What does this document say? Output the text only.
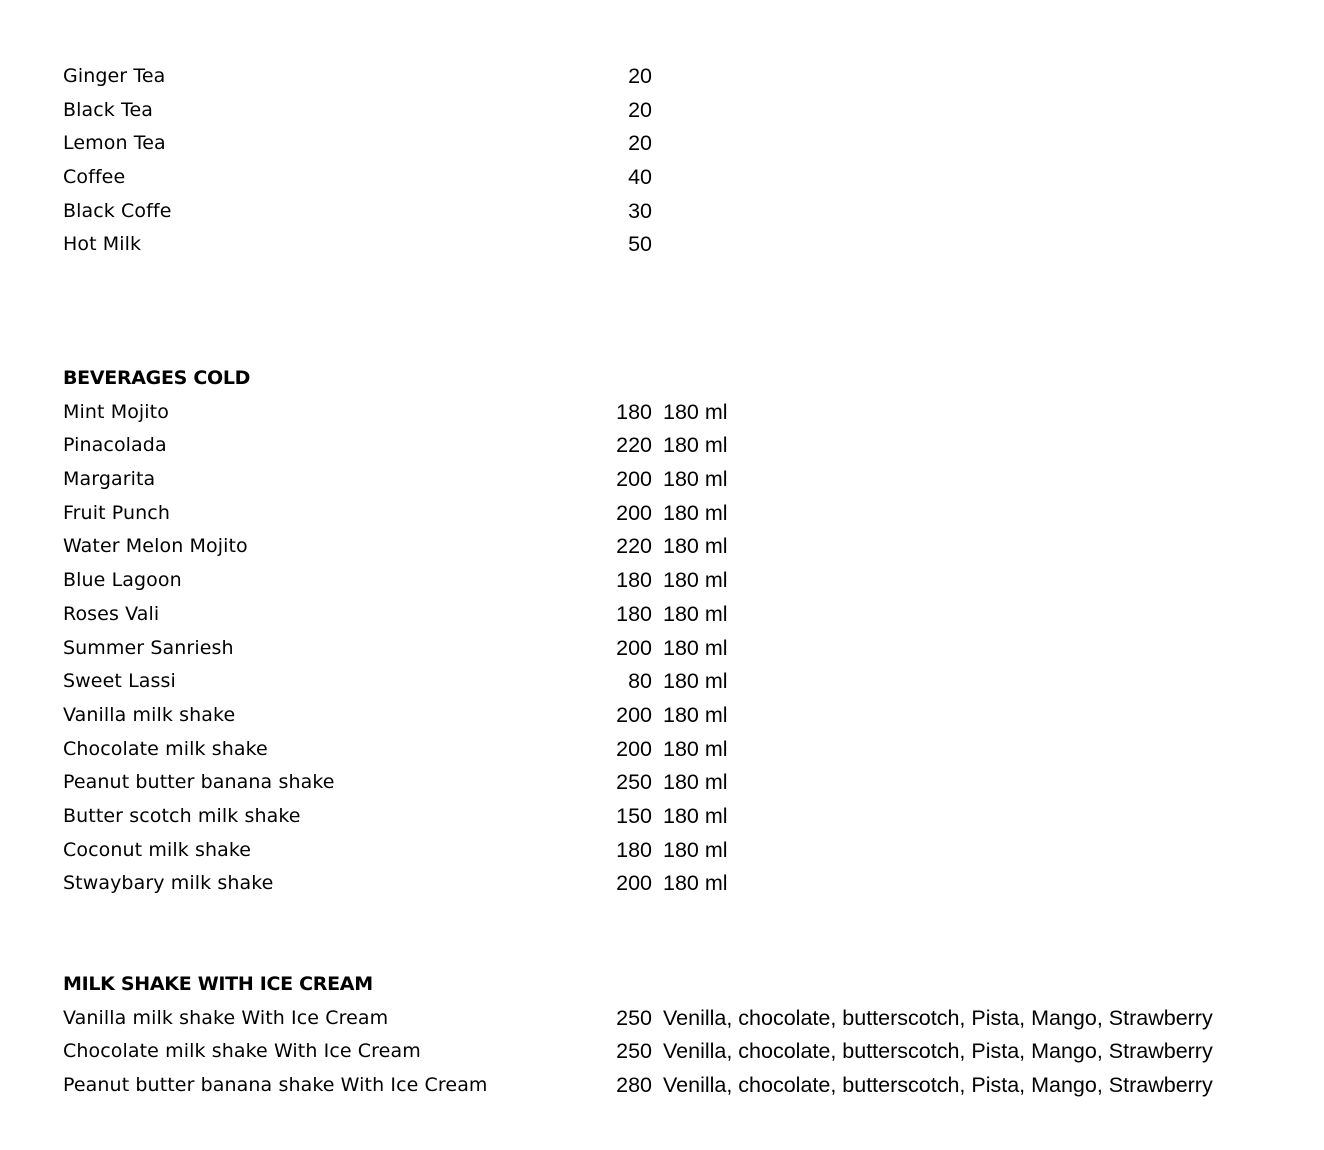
Ginger Tea	20
Black Tea	20
Lemon Tea	20
Coffee	40
Black Coffe	30
Hot Milk	50
BEVERAGES COLD
Mint Mojito	180 180 ml
Pinacolada	220 180 ml
Margarita	200 180 ml
Fruit Punch	200 180 ml
Water Melon Mojito	220 180 ml
Blue Lagoon	180 180 ml
Roses Vali	180 180 ml
Summer Sanriesh	200 180 ml
Sweet Lassi	80 180 ml
Vanilla milk shake	200 180 ml
Chocolate milk shake	200 180 ml
Peanut butter banana shake	250 180 ml
Butter scotch milk shake	150 180 ml
Coconut milk shake	180 180 ml
Stwaybary milk shake	200 180 ml
MILK SHAKE WITH ICE CREAM
Vanilla milk shake With Ice Cream	250 Venilla, chocolate, butterscotch, Pista, Mango, Strawberry
Chocolate milk shake With Ice Cream	250 Venilla, chocolate, butterscotch, Pista, Mango, Strawberry
Peanut butter banana shake With Ice Cream	280 Venilla, chocolate, butterscotch, Pista, Mango, Strawberry
